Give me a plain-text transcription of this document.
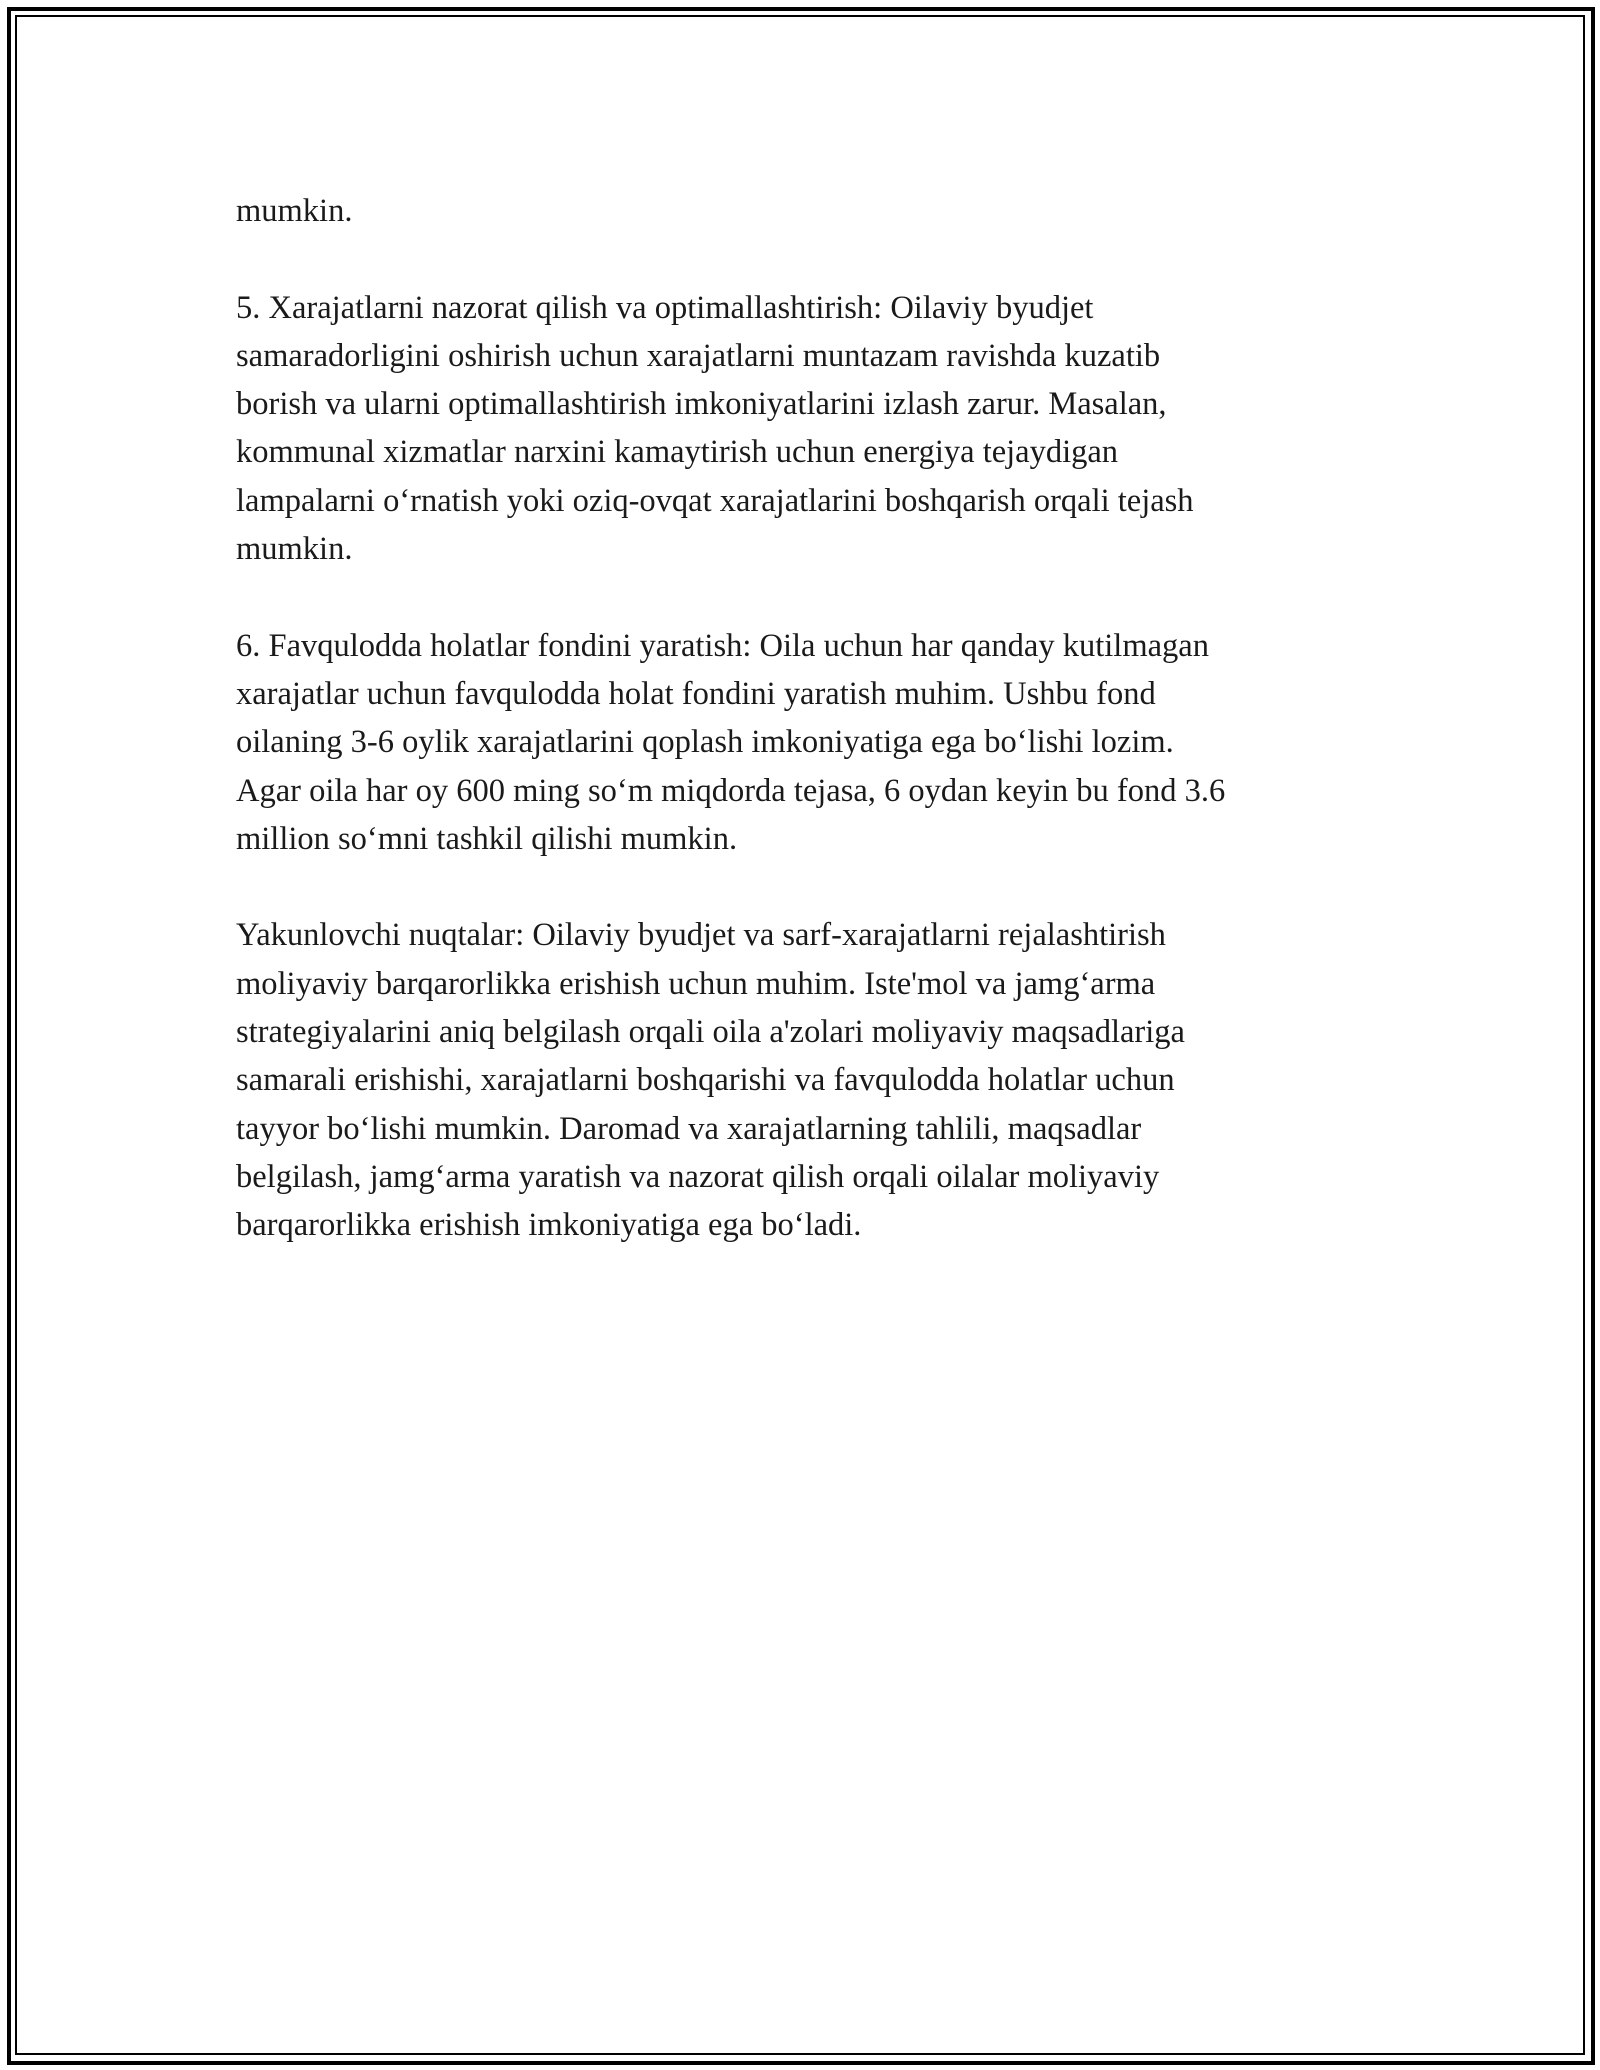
mumkin.

5. Xarajatlarni nazorat qilish va optimallashtirish: Oilaviy byudjet
samaradorligini oshirish uchun xarajatlarni muntazam ravishda kuzatib
borish va ularni optimallashtirish imkoniyatlarini izlash zarur. Masalan,
kommunal xizmatlar narxini kamaytirish uchun energiya tejaydigan
lampalarni oʻrnatish yoki oziq-ovqat xarajatlarini boshqarish orqali tejash
mumkin.

6. Favqulodda holatlar fondini yaratish: Oila uchun har qanday kutilmagan
xarajatlar uchun favqulodda holat fondini yaratish muhim. Ushbu fond
oilaning 3-6 oylik xarajatlarini qoplash imkoniyatiga ega boʻlishi lozim.
Agar oila har oy 600 ming soʻm miqdorda tejasa, 6 oydan keyin bu fond 3.6
million soʻmni tashkil qilishi mumkin.

Yakunlovchi nuqtalar: Oilaviy byudjet va sarf-xarajatlarni rejalashtirish
moliyaviy barqarorlikka erishish uchun muhim. Iste'mol va jamgʻarma
strategiyalarini aniq belgilash orqali oila a'zolari moliyaviy maqsadlariga
samarali erishishi, xarajatlarni boshqarishi va favqulodda holatlar uchun
tayyor boʻlishi mumkin. Daromad va xarajatlarning tahlili, maqsadlar
belgilash, jamgʻarma yaratish va nazorat qilish orqali oilalar moliyaviy
barqarorlikka erishish imkoniyatiga ega boʻladi.
